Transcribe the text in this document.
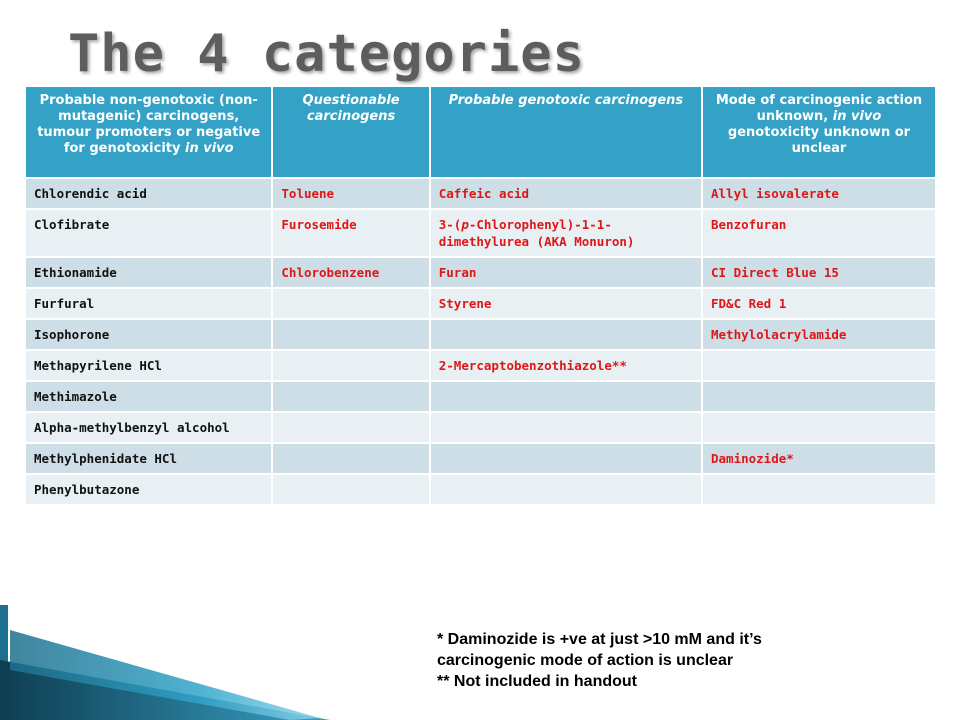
The 4 categories
Probable non-genotoxic (non-mutagenic) carcinogens, tumour promoters or negative for genotoxicity in vivo	Questionable carcinogens	Probable genotoxic carcinogens	Mode of carcinogenic action unknown, in vivo genotoxicity unknown or unclear
Chlorendic acid	Toluene	Caffeic acid	Allyl isovalerate
Clofibrate	Furosemide	3-(p-Chlorophenyl)-1-1-dimethylurea (AKA Monuron)	Benzofuran
Ethionamide	Chlorobenzene	Furan	CI Direct Blue 15
Furfural		Styrene	FD&C Red 1
Isophorone			Methylolacrylamide
Methapyrilene HCl		2-Mercaptobenzothiazole**	
Methimazole			
Alpha-methylbenzyl alcohol			
Methylphenidate HCl			Daminozide*
Phenylbutazone			
* Daminozide is +ve at just >10 mM and it’s
carcinogenic mode of action is unclear
** Not included in handout
